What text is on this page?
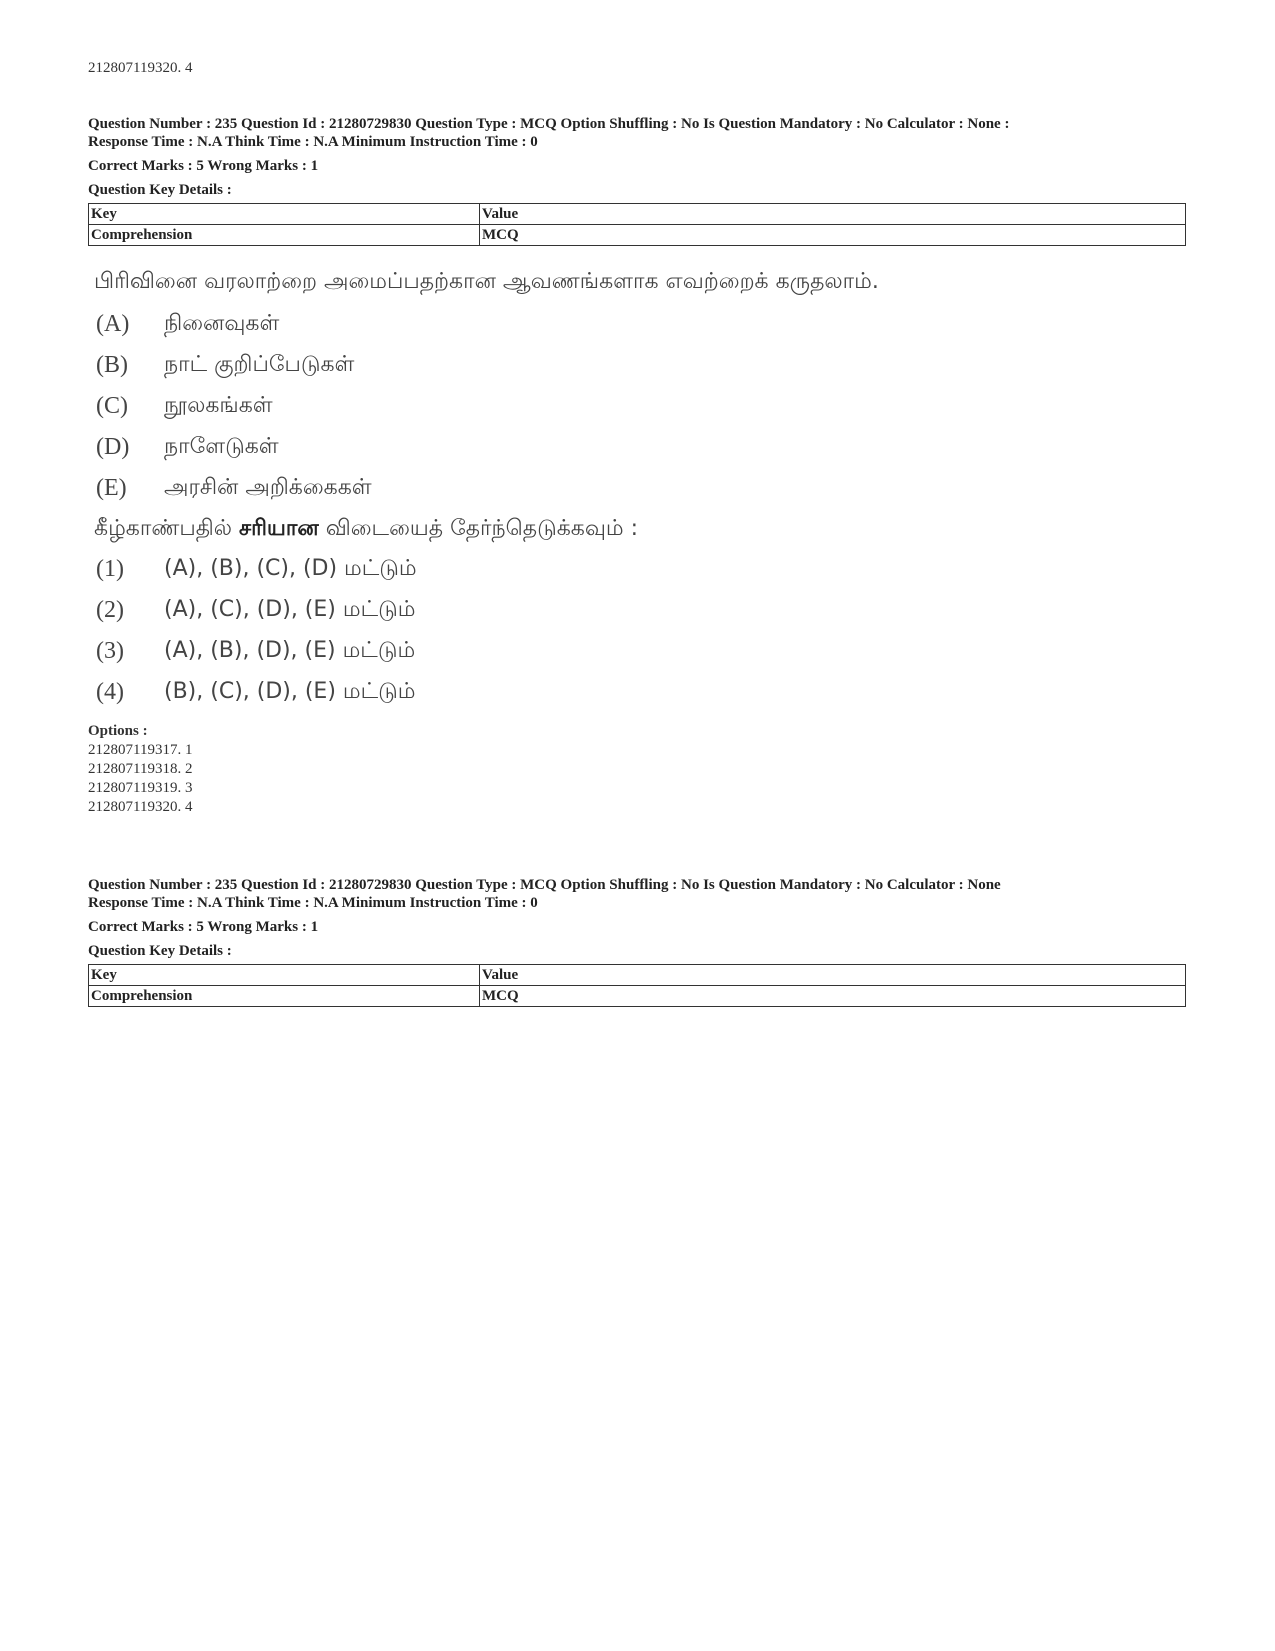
212807119320. 4
Question Number : 235 Question Id : 21280729830 Question Type : MCQ Option Shuffling : No Is Question Mandatory : No Calculator : None :
Response Time : N.A Think Time : N.A Minimum Instruction Time : 0
Correct Marks : 5 Wrong Marks : 1
Question Key Details :
Key	Value
Comprehension	MCQ
பிரிவினை வரலாற்றை அமைப்பதற்கான ஆவணங்களாக எவற்றைக் கருதலாம்.
(A)	நினைவுகள்
(B)	நாட் குறிப்பேடுகள்
(C)	நூலகங்கள்
(D)	நாளேடுகள்
(E)	அரசின் அறிக்கைகள்
கீழ்காண்பதில் சரியான விடையைத் தேர்ந்தெடுக்கவும் :
(1)	(A), (B), (C), (D) மட்டும்
(2)	(A), (C), (D), (E) மட்டும்
(3)	(A), (B), (D), (E) மட்டும்
(4)	(B), (C), (D), (E) மட்டும்
Options :
212807119317. 1
212807119318. 2
212807119319. 3
212807119320. 4
Question Number : 235 Question Id : 21280729830 Question Type : MCQ Option Shuffling : No Is Question Mandatory : No Calculator : None
Response Time : N.A Think Time : N.A Minimum Instruction Time : 0
Correct Marks : 5 Wrong Marks : 1
Question Key Details :
Key	Value
Comprehension	MCQ
